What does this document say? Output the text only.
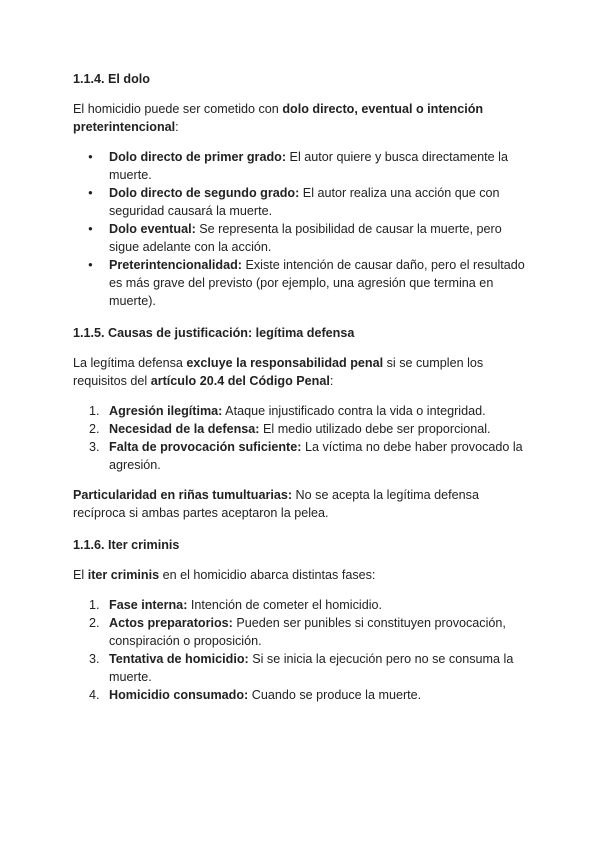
1.1.4. El dolo

El homicidio puede ser cometido con dolo directo, eventual o intención preterintencional:

● Dolo directo de primer grado: El autor quiere y busca directamente la muerte.
● Dolo directo de segundo grado: El autor realiza una acción que con seguridad causará la muerte.
● Dolo eventual: Se representa la posibilidad de causar la muerte, pero sigue adelante con la acción.
● Preterintencionalidad: Existe intención de causar daño, pero el resultado es más grave del previsto (por ejemplo, una agresión que termina en muerte).
1.1.5. Causas de justificación: legítima defensa

La legítima defensa excluye la responsabilidad penal si se cumplen los requisitos del artículo 20.4 del Código Penal:

1. Agresión ilegítima: Ataque injustificado contra la vida o integridad.
2. Necesidad de la defensa: El medio utilizado debe ser proporcional.
3. Falta de provocación suficiente: La víctima no debe haber provocado la agresión.

Particularidad en riñas tumultuarias: No se acepta la legítima defensa recíproca si ambas partes aceptaron la pelea.

1.1.6. Iter criminis

El iter criminis en el homicidio abarca distintas fases:

1. Fase interna: Intención de cometer el homicidio.
2. Actos preparatorios: Pueden ser punibles si constituyen provocación, conspiración o proposición.
3. Tentativa de homicidio: Si se inicia la ejecución pero no se consuma la muerte.
4. Homicidio consumado: Cuando se produce la muerte.
